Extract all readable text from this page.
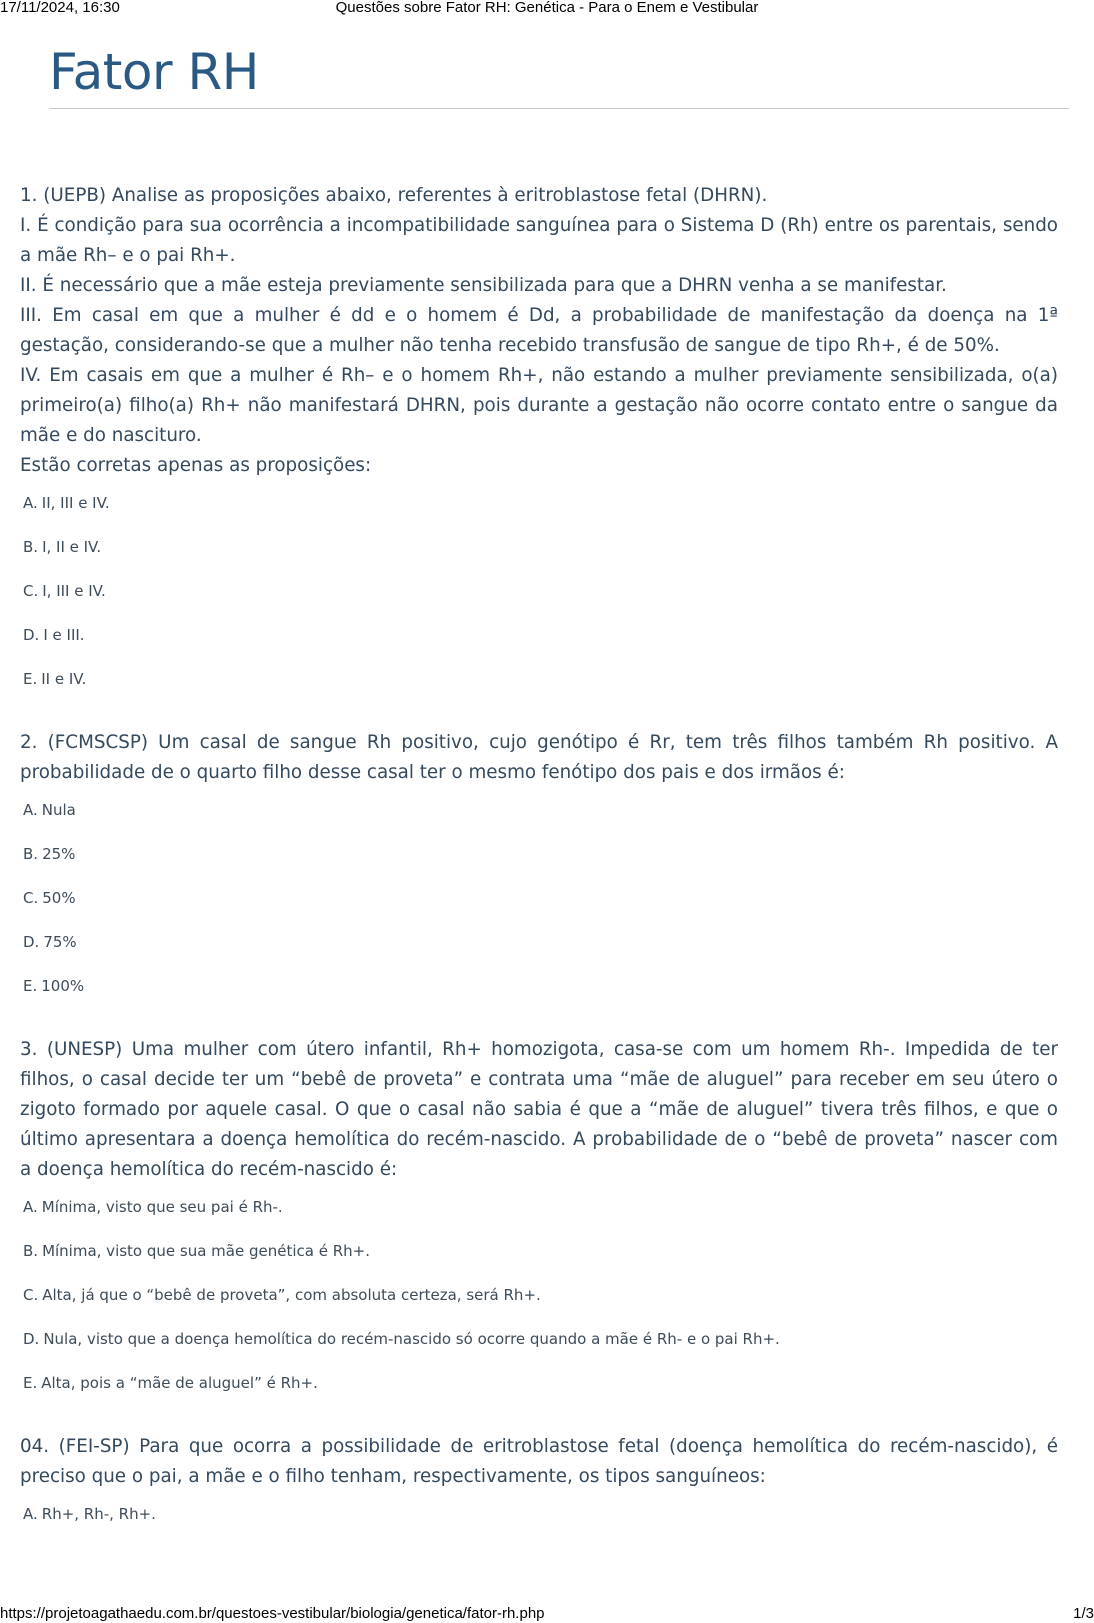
17/11/2024, 16:30	Questões sobre Fator RH: Genética - Para o Enem e Vestibular
Fator RH

1. (UEPB) Analise as proposições abaixo, referentes à eritroblastose fetal (DHRN).

I. É condição para sua ocorrência a incompatibilidade sanguínea para o Sistema D (Rh) entre os parentais, sendo a mãe Rh– e o pai Rh+.

II. É necessário que a mãe esteja previamente sensibilizada para que a DHRN venha a se manifestar.

III. Em casal em que a mulher é dd e o homem é Dd, a probabilidade de manifestação da doença na 1ª gestação, considerando-se que a mulher não tenha recebido transfusão de sangue de tipo Rh+, é de 50%.

IV. Em casais em que a mulher é Rh– e o homem Rh+, não estando a mulher previamente sensibilizada, o(a) primeiro(a) filho(a) Rh+ não manifestará DHRN, pois durante a gestação não ocorre contato entre o sangue da mãe e do nascituro.

Estão corretas apenas as proposições:

A. II, III e IV.
B. I, II e IV.
C. I, III e IV.
D. I e III.
E. II e IV.

2. (FCMSCSP) Um casal de sangue Rh positivo, cujo genótipo é Rr, tem três filhos também Rh positivo. A probabilidade de o quarto filho desse casal ter o mesmo fenótipo dos pais e dos irmãos é:

A. Nula
B. 25%
C. 50%
D. 75%
E. 100%

3. (UNESP) Uma mulher com útero infantil, Rh+ homozigota, casa-se com um homem Rh-. Impedida de ter filhos, o casal decide ter um “bebê de proveta” e contrata uma “mãe de aluguel” para receber em seu útero o zigoto formado por aquele casal. O que o casal não sabia é que a “mãe de aluguel” tivera três filhos, e que o último apresentara a doença hemolítica do recém-nascido. A probabilidade de o “bebê de proveta” nascer com a doença hemolítica do recém-nascido é:

A. Mínima, visto que seu pai é Rh-.
B. Mínima, visto que sua mãe genética é Rh+.
C. Alta, já que o “bebê de proveta”, com absoluta certeza, será Rh+.
D. Nula, visto que a doença hemolítica do recém-nascido só ocorre quando a mãe é Rh- e o pai Rh+.
E. Alta, pois a “mãe de aluguel” é Rh+.

04. (FEI-SP) Para que ocorra a possibilidade de eritroblastose fetal (doença hemolítica do recém-nascido), é preciso que o pai, a mãe e o filho tenham, respectivamente, os tipos sanguíneos:

A. Rh+, Rh-, Rh+.
https://projetoagathaedu.com.br/questoes-vestibular/biologia/genetica/fator-rh.php	1/3
